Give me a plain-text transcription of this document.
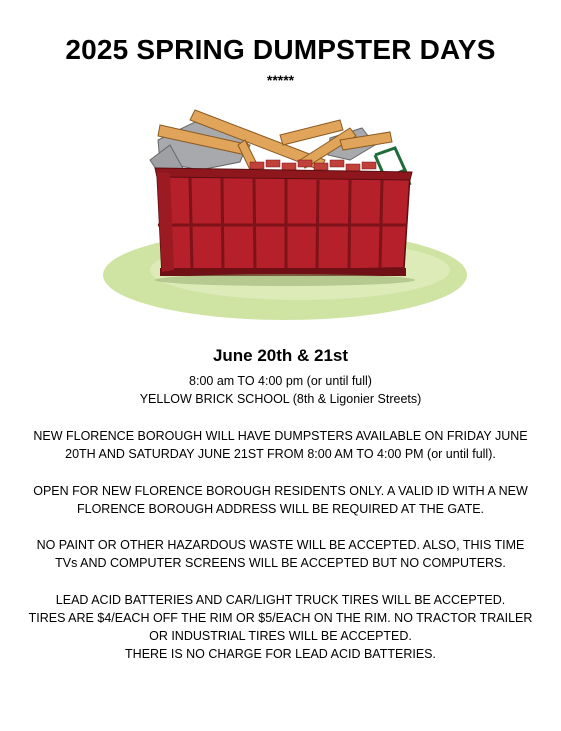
2025 SPRING DUMPSTER DAYS
*****
June 20th & 21st
8:00 am TO 4:00 pm (or until full)
YELLOW BRICK SCHOOL (8th & Ligonier Streets)
NEW FLORENCE BOROUGH WILL HAVE DUMPSTERS AVAILABLE ON FRIDAY JUNE
20TH AND SATURDAY JUNE 21ST FROM 8:00 AM TO 4:00 PM (or until full).
OPEN FOR NEW FLORENCE BOROUGH RESIDENTS ONLY. A VALID ID WITH A NEW
FLORENCE BOROUGH ADDRESS WILL BE REQUIRED AT THE GATE.
NO PAINT OR OTHER HAZARDOUS WASTE WILL BE ACCEPTED. ALSO, THIS TIME
TVs AND COMPUTER SCREENS WILL BE ACCEPTED BUT NO COMPUTERS.
LEAD ACID BATTERIES AND CAR/LIGHT TRUCK TIRES WILL BE ACCEPTED.
TIRES ARE $4/EACH OFF THE RIM OR $5/EACH ON THE RIM. NO TRACTOR TRAILER
OR INDUSTRIAL TIRES WILL BE ACCEPTED.
THERE IS NO CHARGE FOR LEAD ACID BATTERIES.
